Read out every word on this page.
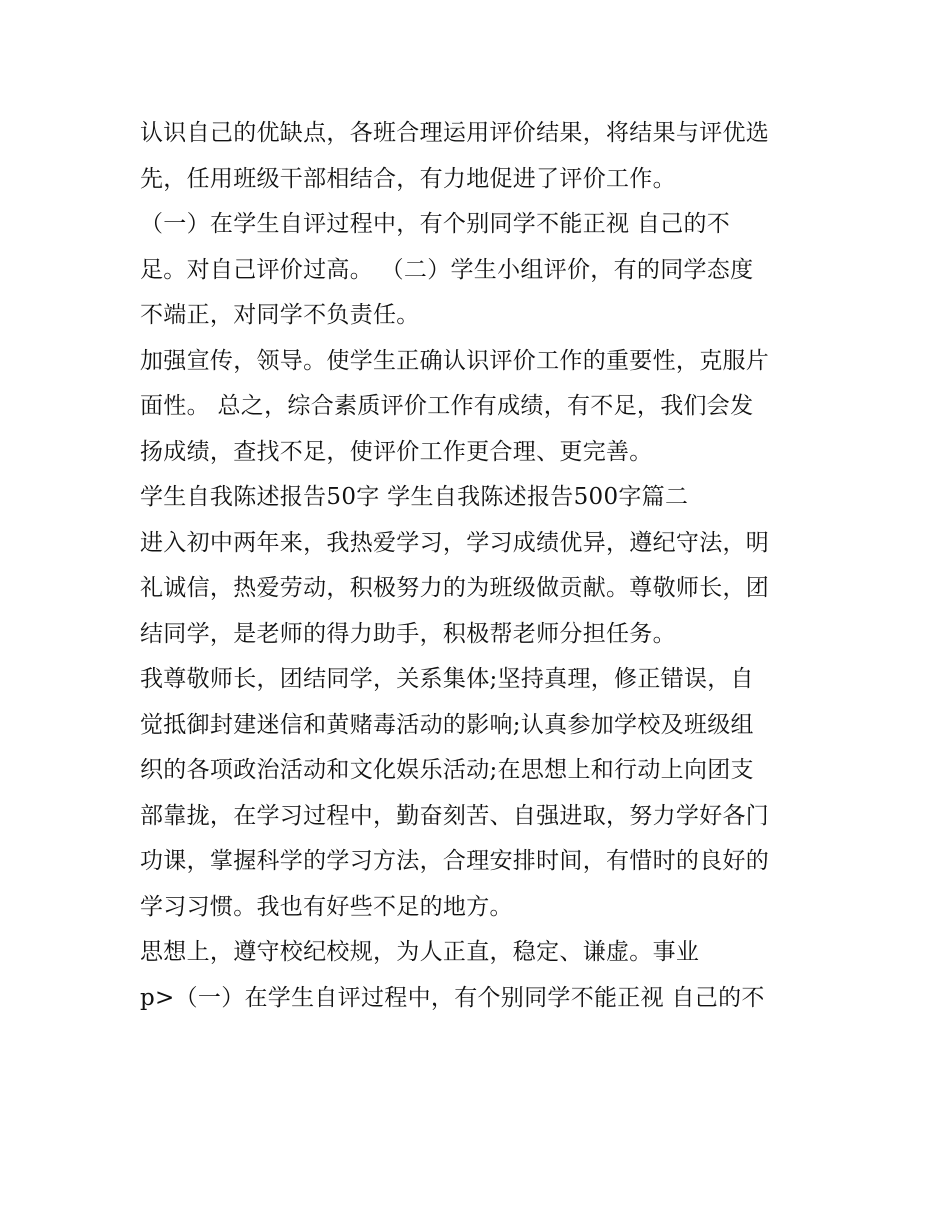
认识自己的优缺点，各班合理运用评价结果，将结果与评优选
先，任用班级干部相结合，有力地促进了评价工作。
（一）在学生自评过程中，有个别同学不能正视 自己的不
足。对自己评价过高。 （二）学生小组评价，有的同学态度
不端正，对同学不负责任。
加强宣传，领导。使学生正确认识评价工作的重要性，克服片
面性。 总之，综合素质评价工作有成绩，有不足，我们会发
扬成绩，查找不足，使评价工作更合理、更完善。
学生自我陈述报告50字 学生自我陈述报告500字篇二
进入初中两年来，我热爱学习，学习成绩优异，遵纪守法，明
礼诚信，热爱劳动，积极努力的为班级做贡献。尊敬师长，团
结同学，是老师的得力助手，积极帮老师分担任务。
我尊敬师长，团结同学，关系集体;坚持真理，修正错误，自
觉抵御封建迷信和黄赌毒活动的影响;认真参加学校及班级组
织的各项政治活动和文化娱乐活动;在思想上和行动上向团支
部靠拢，在学习过程中，勤奋刻苦、自强进取，努力学好各门
功课，掌握科学的学习方法，合理安排时间，有惜时的良好的
学习习惯。我也有好些不足的地方。
思想上，遵守校纪校规，为人正直，稳定、谦虚。事业
p>（一）在学生自评过程中，有个别同学不能正视 自己的不
